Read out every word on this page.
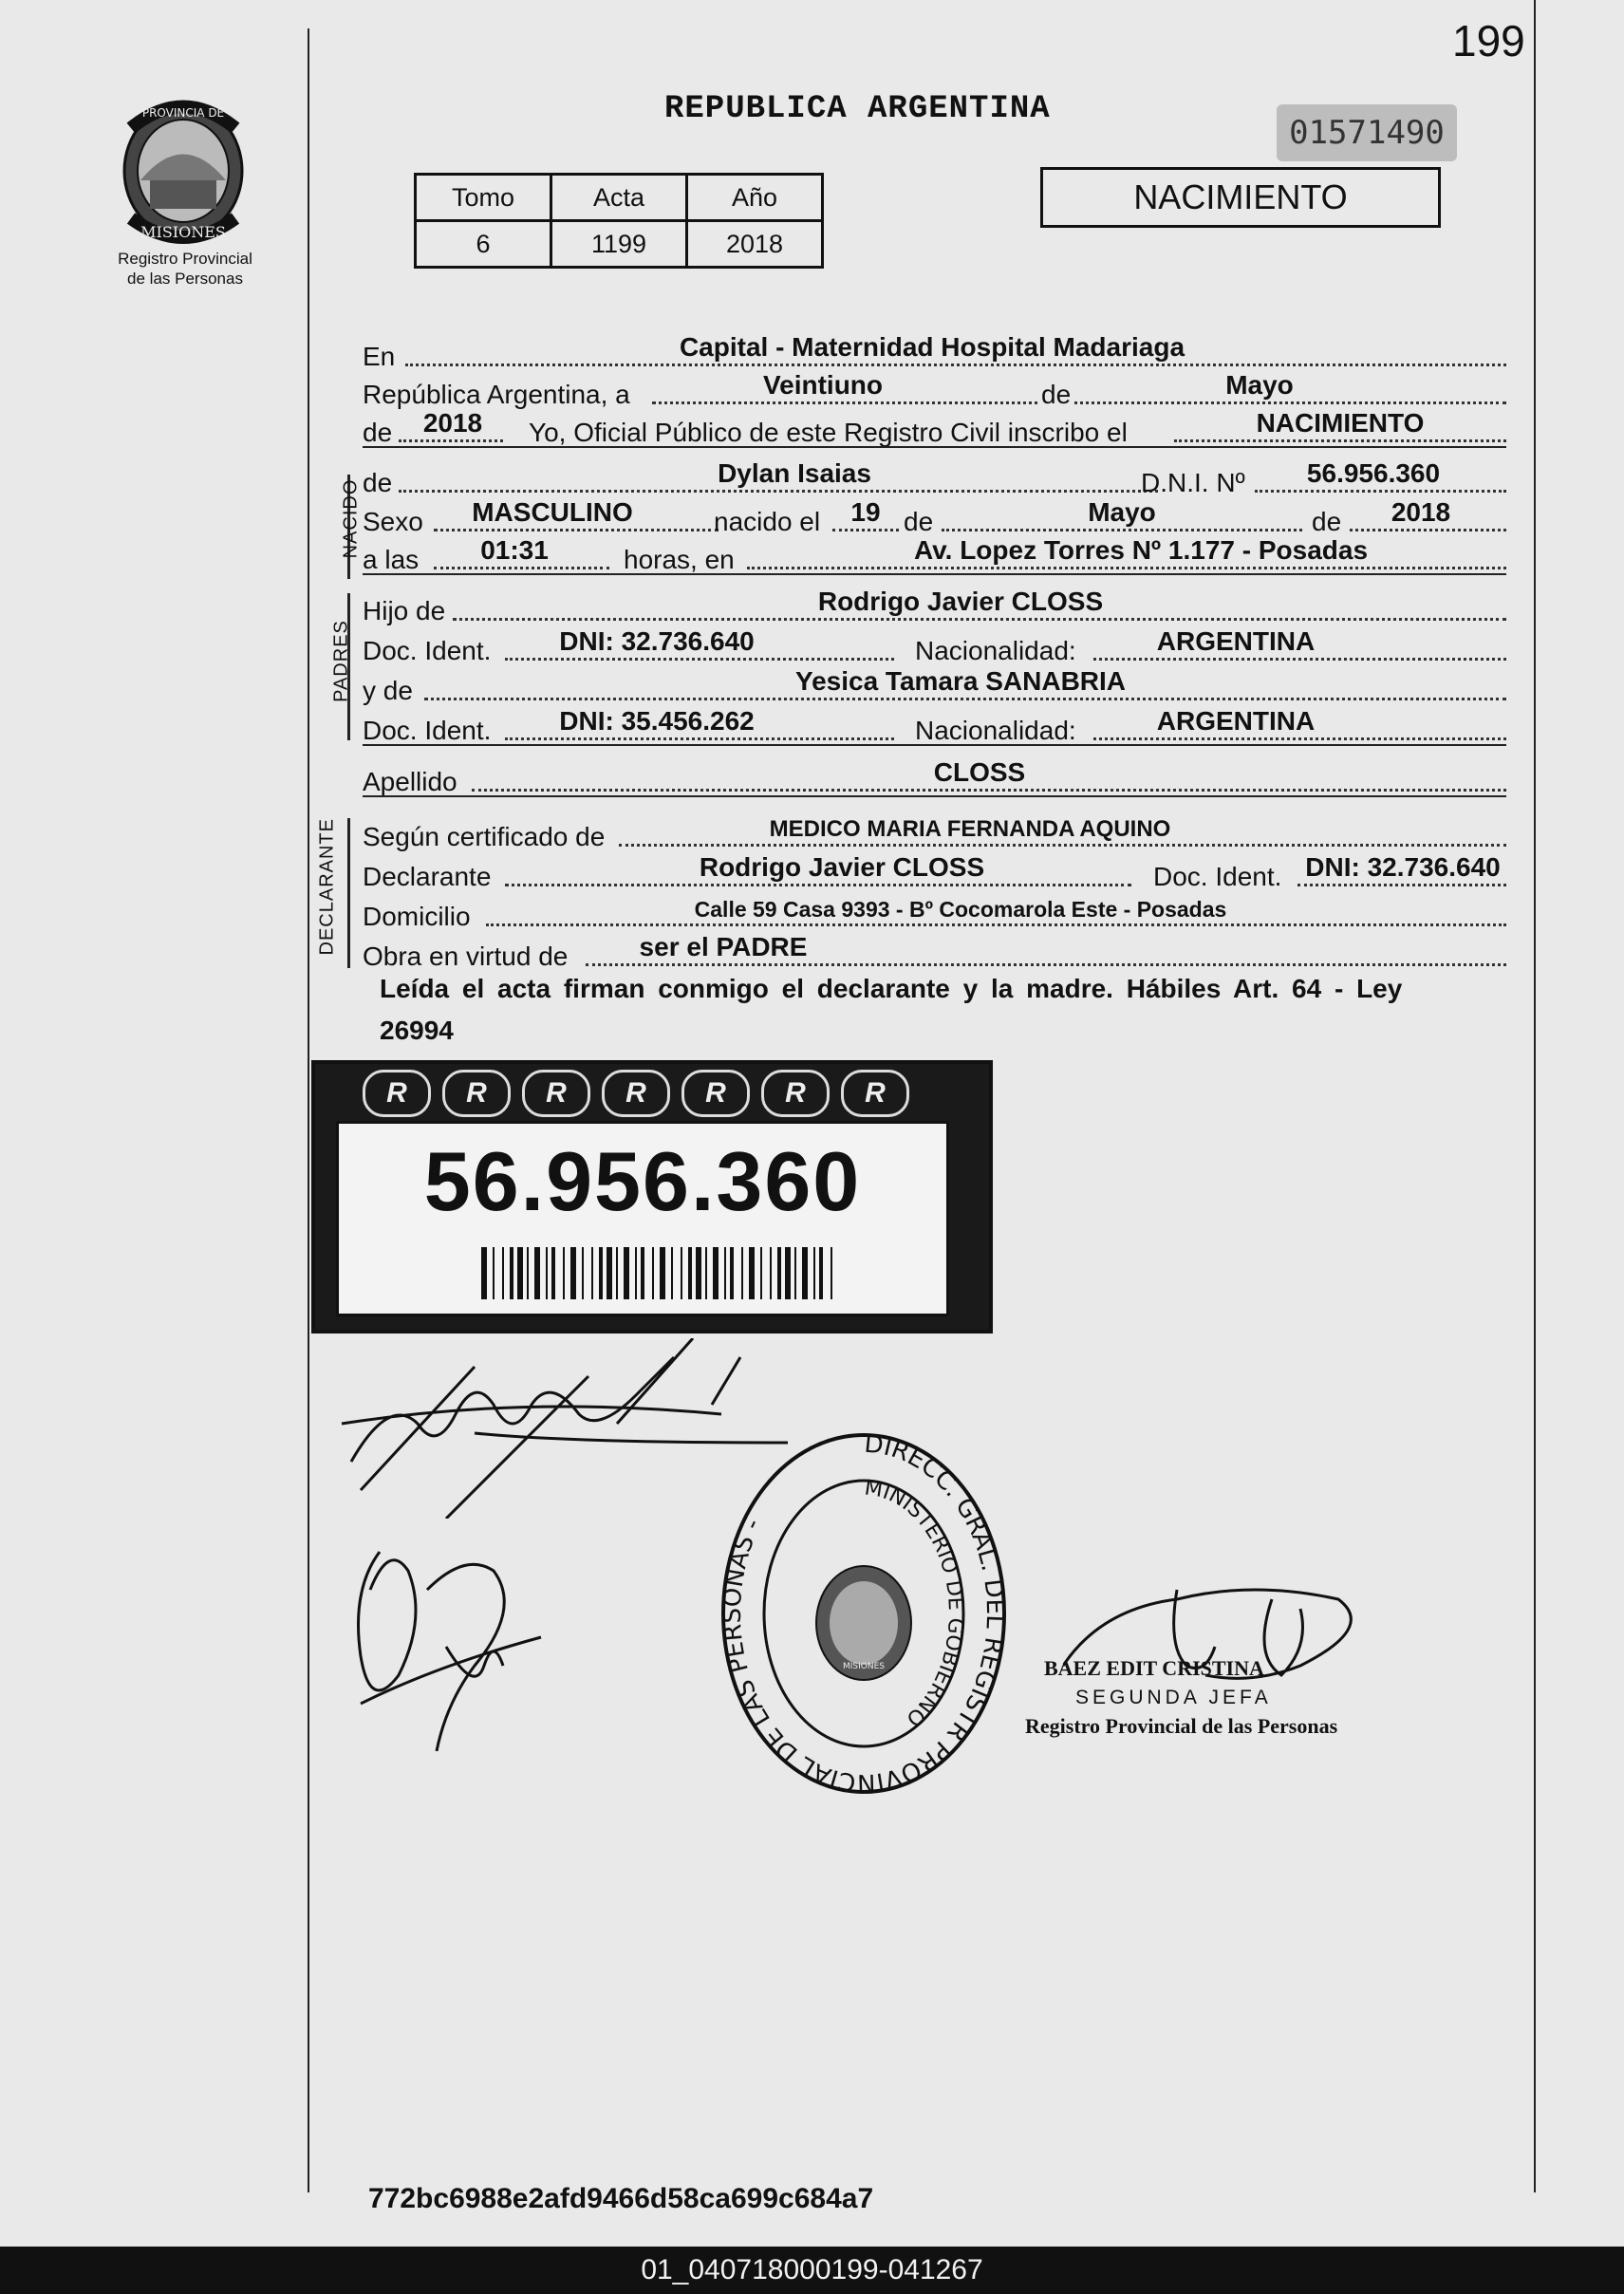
199
PROVINCIA DE
MISIONES
Registro Provincial
de las Personas
REPUBLICA ARGENTINA
01571490
Tomo	Acta	Año
6	1199	2018
NACIMIENTO
En	Capital - Maternidad Hospital Madariaga
República Argentina, a	Veintiuno	de	Mayo
de	2018	Yo, Oficial Público de este Registro Civil inscribo el	NACIMIENTO
NACIDO de	Dylan Isaias	D.N.I. Nº	56.956.360
Sexo	MASCULINO	nacido el	19 de	Mayo	de	2018
a las	01:31	horas, en	Av. Lopez Torres Nº 1.177 - Posadas
PADRES
Hijo de	Rodrigo Javier CLOSS
Doc. Ident.	DNI: 32.736.640	Nacionalidad:	ARGENTINA
y de	Yesica Tamara SANABRIA
Doc. Ident.	DNI: 35.456.262	Nacionalidad:	ARGENTINA
Apellido	CLOSS
DECLARANTE Según certificado de	MEDICO MARIA FERNANDA AQUINO
Declarante	Rodrigo Javier CLOSS	Doc. Ident. DNI: 32.736.640
Domicilio	Calle 59 Casa 9393 - Bº Cocomarola Este - Posadas
Obra en virtud de	ser el PADRE
Leída el acta firman conmigo el declarante y la madre. Hábiles Art. 64 - Ley 26994
R	R	R	R	R	R	R
56.956.360
DIRECC. GRAL. DEL REGISTR PROVINCIAL DE LAS PERSONAS -
MINISTERIO DE GOBIERNO
MISIONES	BAEZ EDIT CRISTINA
SEGUNDA JEFA
Registro Provincial de las Personas
772bc6988e2afd9466d58ca699c684a7
01_040718000199-041267
